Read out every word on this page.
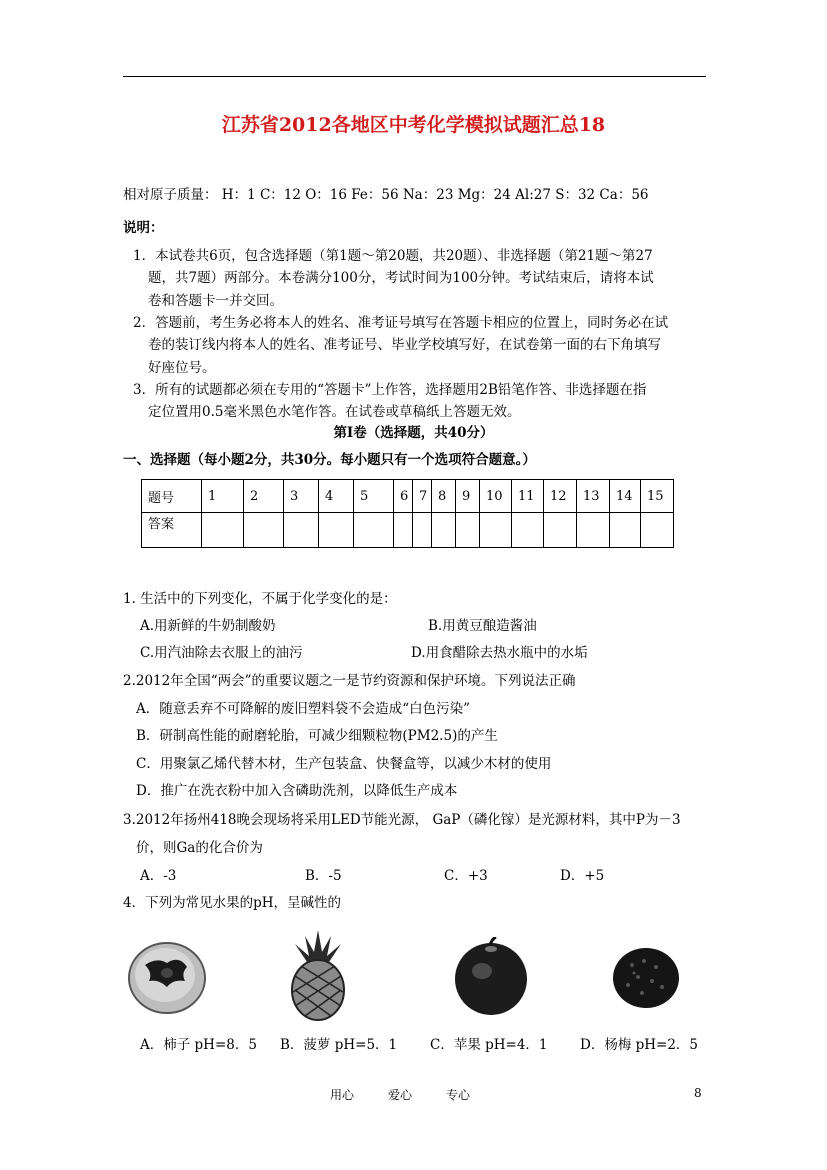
江苏省2012各地区中考化学模拟试题汇总18
相对原子质量： H：1 C：12 O：16 Fe：56 Na：23 Mg：24 Al:27 S：32 Ca：56
说明：
1．本试卷共6页，包含选择题（第1题～第20题，共20题）、非选择题（第21题～第27
题，共7题）两部分。本卷满分100分，考试时间为100分钟。考试结束后，请将本试
卷和答题卡一并交回。
2．答题前，考生务必将本人的姓名、准考证号填写在答题卡相应的位置上，同时务必在试
卷的装订线内将本人的姓名、准考证号、毕业学校填写好，在试卷第一面的右下角填写
好座位号。
3．所有的试题都必须在专用的“答题卡”上作答，选择题用2B铅笔作答、非选择题在指
定位置用0.5毫米黑色水笔作答。在试卷或草稿纸上答题无效。
第Ⅰ卷（选择题，共40分）
一、选择题（每小题2分，共30分。每小题只有一个选项符合题意。）
题号	1	2	3	4	5	6	7	8	9	10	11	12	13	14	15
答案															
1. 生活中的下列变化，不属于化学变化的是：
A.用新鲜的牛奶制酸奶	B.用黄豆酿造酱油
C.用汽油除去衣服上的油污	D.用食醋除去热水瓶中的水垢
2.2012年全国“两会”的重要议题之一是节约资源和保护环境。下列说法正确
A．随意丢弃不可降解的废旧塑料袋不会造成“白色污染”
B．研制高性能的耐磨轮胎，可减少细颗粒物(PM2.5)的产生
C．用聚氯乙烯代替木材，生产包装盒、快餐盒等，以减少木材的使用
D．推广在洗衣粉中加入含磷助洗剂，以降低生产成本
3.2012年扬州418晚会现场将采用LED节能光源， GaP（磷化镓）是光源材料，其中P为－3
价，则Ga的化合价为
A．-3	B．-5	C．+3	D．+5
4．下列为常见水果的pH，呈碱性的
A．柿子 pH=8．5 B．菠萝 pH=5．1 C．苹果 pH=4．1 D．杨梅 pH=2．5
用心	爱心	专心	8
